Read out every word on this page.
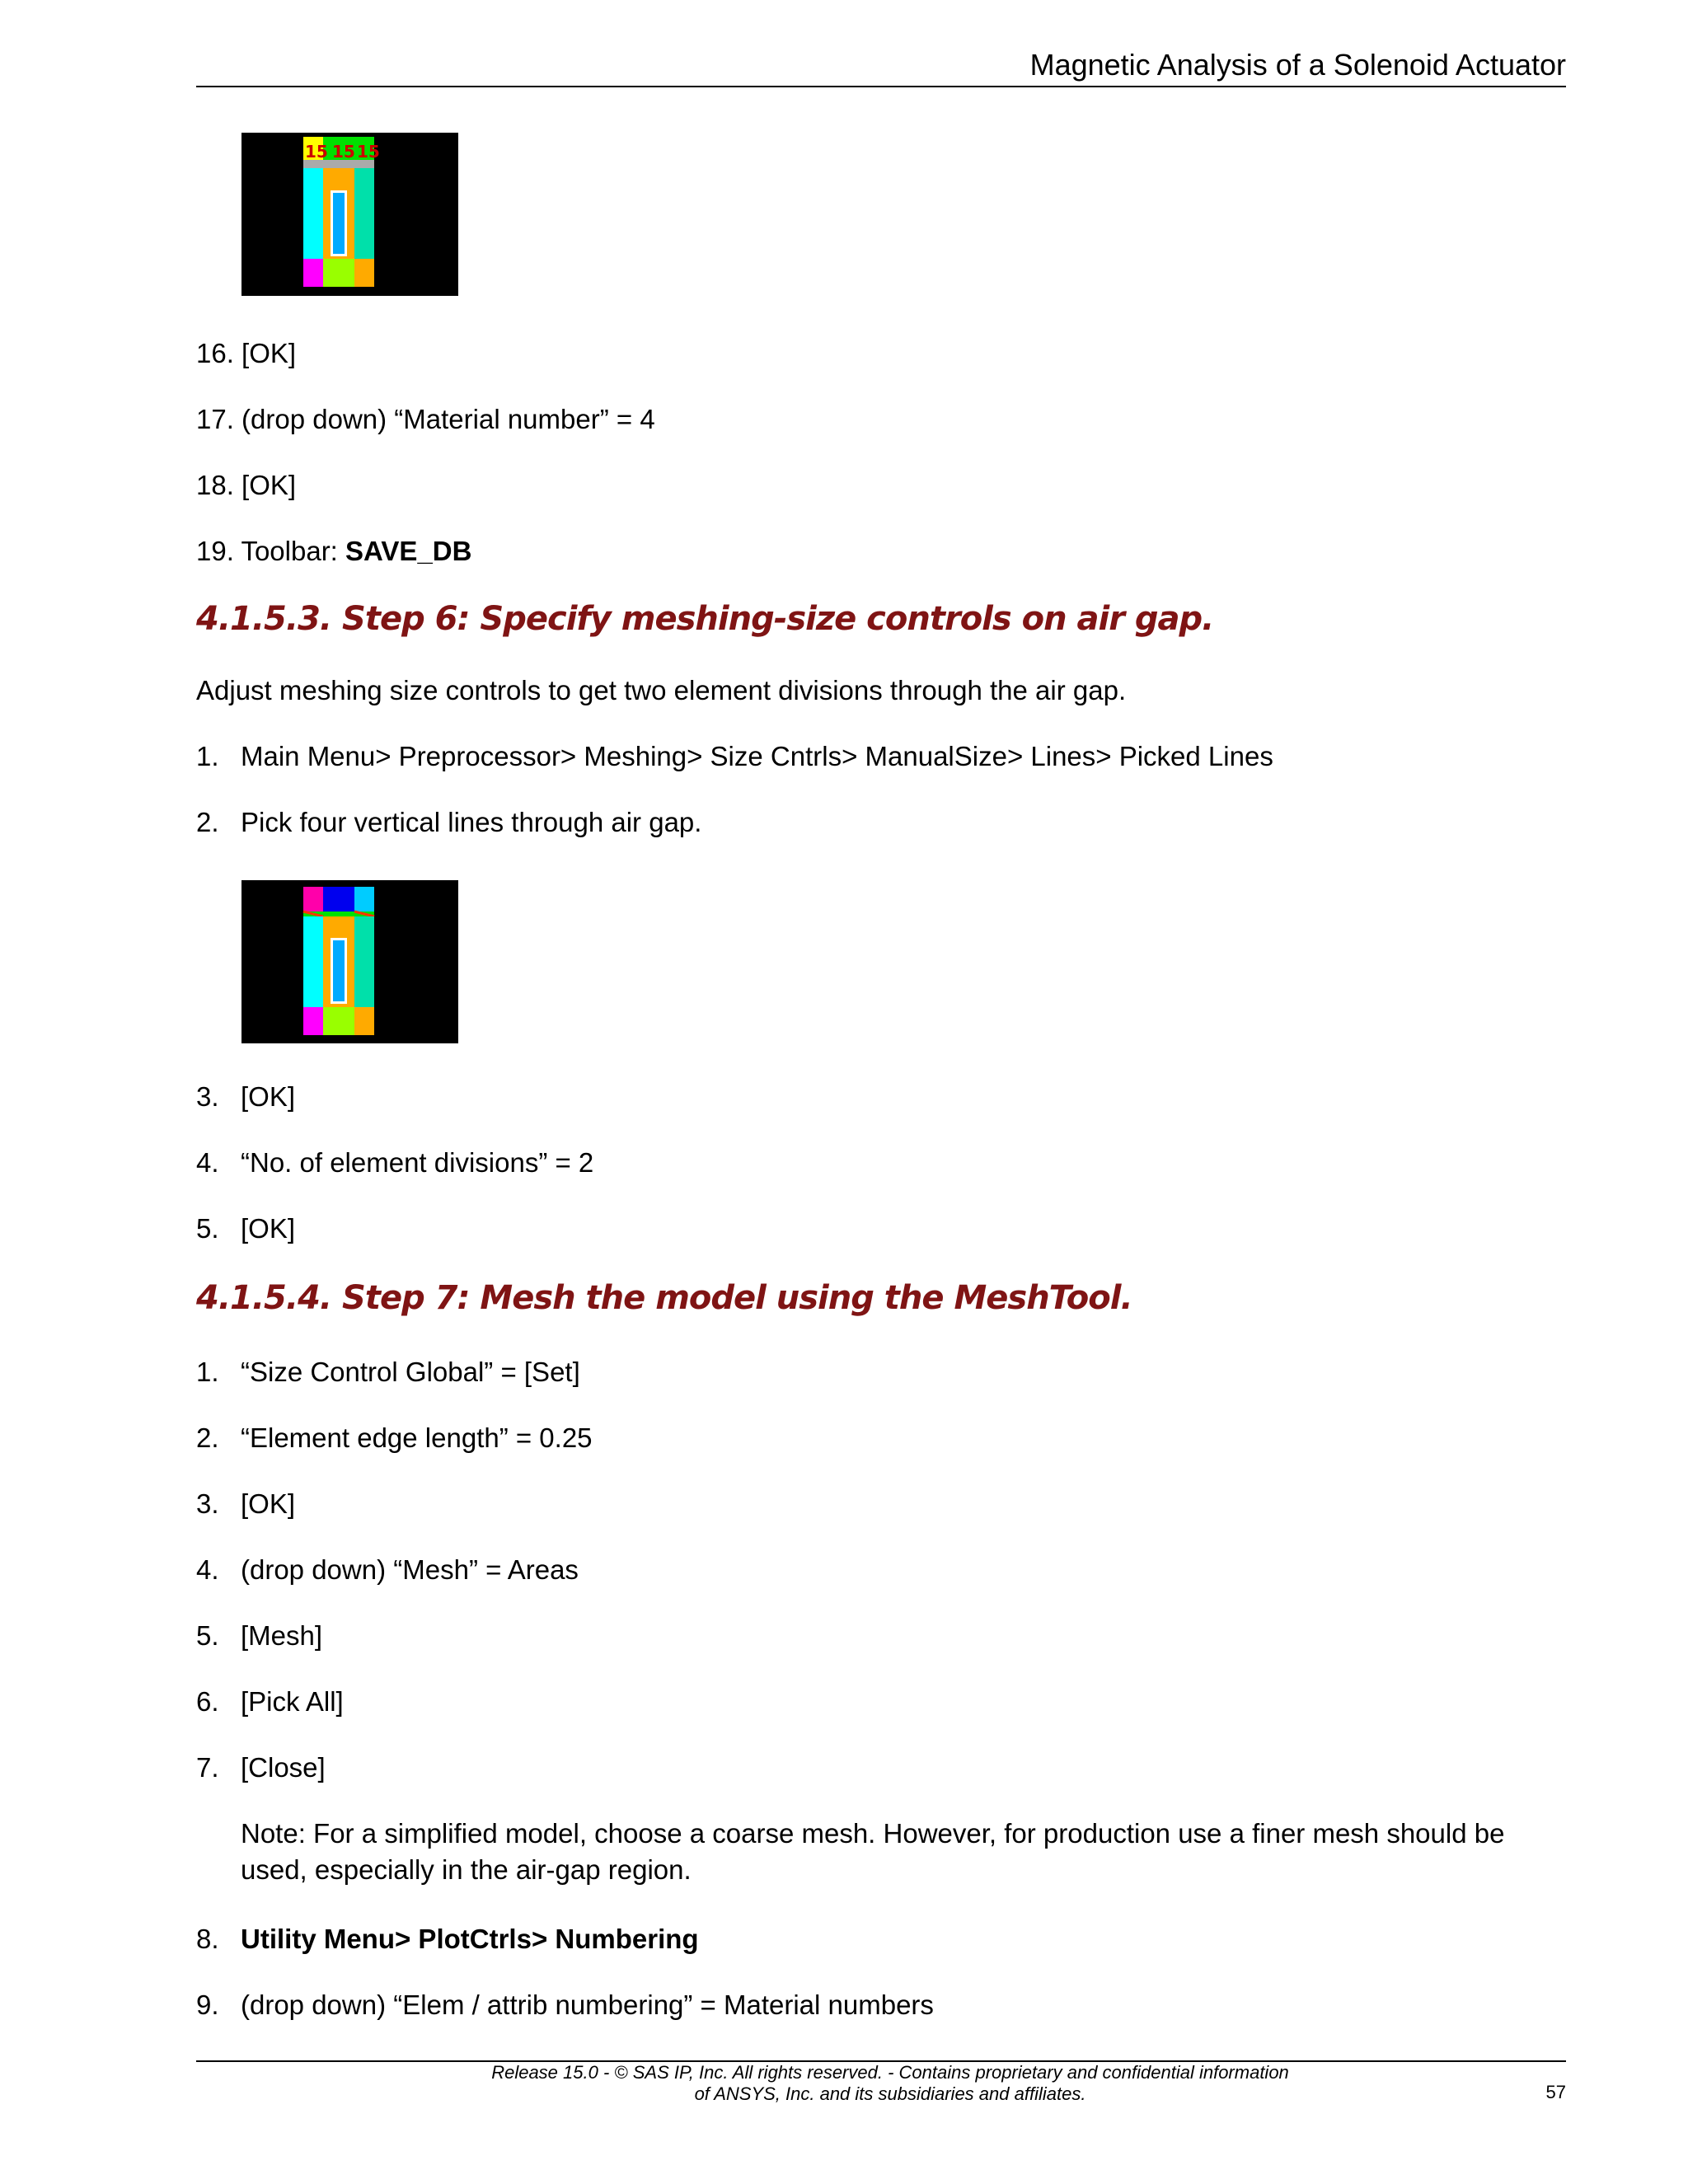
Magnetic Analysis of a Solenoid Actuator
15 15 15
16. [OK]
17. (drop down) “Material number” = 4
18. [OK]
19. Toolbar: SAVE_DB
4.1.5.3. Step 6: Specify meshing-size controls on air gap.
Adjust meshing size controls to get two element divisions through the air gap.
1. Main Menu> Preprocessor> Meshing> Size Cntrls> ManualSize> Lines> Picked Lines
2. Pick four vertical lines through air gap.
3. [OK]
4. “No. of element divisions” = 2
5. [OK]
4.1.5.4. Step 7: Mesh the model using the MeshTool.
1. “Size Control Global” = [Set]
2. “Element edge length” = 0.25
3. [OK]
4. (drop down) “Mesh” = Areas
5. [Mesh]
6. [Pick All]
7. [Close]
Note: For a simplified model, choose a coarse mesh. However, for production use a finer mesh should be used, especially in the air-gap region.
8. Utility Menu> PlotCtrls> Numbering
9. (drop down) “Elem / attrib numbering” = Material numbers
Release 15.0 - © SAS IP, Inc. All rights reserved. - Contains proprietary and confidential information
of ANSYS, Inc. and its subsidiaries and affiliates.	57
